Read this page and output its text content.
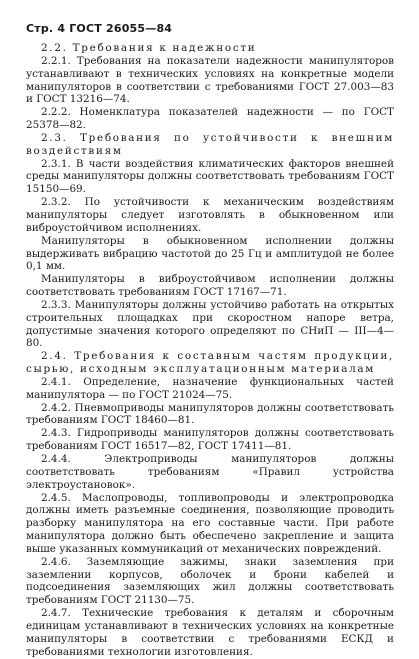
Стр. 4 ГОСТ 26055—84

2.2. Требования к надежности

2.2.1. Требования на показатели надежности манипуляторов устанавливают в технических условиях на конкретные модели манипуляторов в соответствии с требованиями ГОСТ 27.003—83 и ГОСТ 13216—74.

2.2.2. Номенклатура показателей надежности — по ГОСТ 25378—82.

2.3. Требования по устойчивости к внешним воздействиям

2.3.1. В части воздействия климатических факторов внешней среды манипуляторы должны соответствовать требованиям ГОСТ 15150—69.

2.3.2. По устойчивости к механическим воздействиям манипуляторы следует изготовлять в обыкновенном или виброустойчивом исполнениях.

Манипуляторы в обыкновенном исполнении должны выдерживать вибрацию частотой до 25 Гц и амплитудой не более 0,1 мм.

Манипуляторы в виброустойчивом исполнении должны соответствовать требованиям ГОСТ 17167—71.

2.3.3. Манипуляторы должны устойчиво работать на открытых строительных площадках при скоростном напоре ветра, допустимые значения которого определяют по СНиП — III—4—80.

2.4. Требования к составным частям продукции, сырью, исходным эксплуатационным материалам

2.4.1. Определение, назначение функциональных частей манипулятора — по ГОСТ 21024—75.

2.4.2. Пневмоприводы манипуляторов должны соответствовать требованиям ГОСТ 18460—81.

2.4.3. Гидроприводы манипуляторов должны соответствовать требованиям ГОСТ 16517—82, ГОСТ 17411—81.

2.4.4. Электроприводы манипуляторов должны соответствовать требованиям «Правил устройства электроустановок».

2.4.5. Маслопроводы, топливопроводы и электропроводка должны иметь разъемные соединения, позволяющие проводить разборку манипулятора на его составные части. При работе манипулятора должно быть обеспечено закрепление и защита выше указанных коммуникаций от механических повреждений.

2.4.6. Заземляющие зажимы, знаки заземления при заземлении корпусов, оболочек и брони кабелей и подсоединения заземляющих жил должны соответствовать требованиям ГОСТ 21130—75.

2.4.7. Технические требования к деталям и сборочным единицам устанавливают в технических условиях на конкретные манипуляторы в соответствии с требованиями ЕСКД и требованиями технологии изготовления.
